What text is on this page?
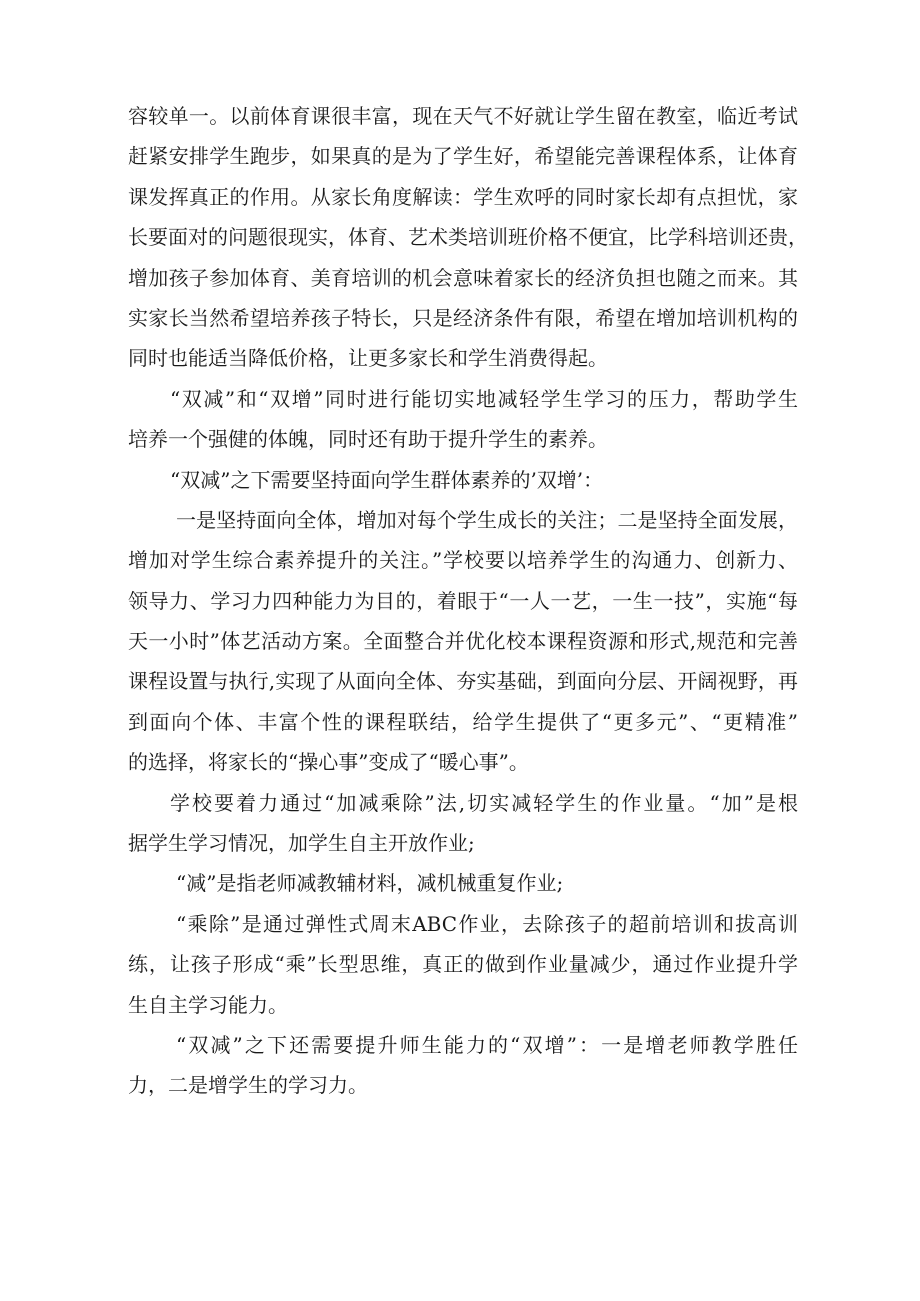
容较单一。以前体育课很丰富，现在天气不好就让学生留在教室，临近考试
赶紧安排学生跑步，如果真的是为了学生好，希望能完善课程体系，让体育
课发挥真正的作用。从家长角度解读：学生欢呼的同时家长却有点担忧，家
长要面对的问题很现实，体育、艺术类培训班价格不便宜，比学科培训还贵，
增加孩子参加体育、美育培训的机会意味着家长的经济负担也随之而来。其
实家长当然希望培养孩子特长，只是经济条件有限，希望在增加培训机构的
同时也能适当降低价格，让更多家长和学生消费得起。
“双减”和“双增”同时进行能切实地减轻学生学习的压力，帮助学生
培养一个强健的体魄，同时还有助于提升学生的素养。
“双减”之下需要坚持面向学生群体素养的’双增’：
一是坚持面向全体，增加对每个学生成长的关注；二是坚持全面发展，
增加对学生综合素养提升的关注。”学校要以培养学生的沟通力、创新力、
领导力、学习力四种能力为目的，着眼于“一人一艺，一生一技”，实施“每
天一小时”体艺活动方案。全面整合并优化校本课程资源和形式,规范和完善
课程设置与执行,实现了从面向全体、夯实基础，到面向分层、开阔视野，再
到面向个体、丰富个性的课程联结，给学生提供了“更多元”、“更精准”
的选择，将家长的“操心事”变成了“暖心事”。
学校要着力通过“加减乘除”法,切实减轻学生的作业量。“加”是根
据学生学习情况，加学生自主开放作业;
“减”是指老师减教辅材料，减机械重复作业;
“乘除”是通过弹性式周末ABC作业，去除孩子的超前培训和拔高训
练，让孩子形成“乘”长型思维，真正的做到作业量减少，通过作业提升学
生自主学习能力。
“双减”之下还需要提升师生能力的“双增”：一是增老师教学胜任
力，二是增学生的学习力。
